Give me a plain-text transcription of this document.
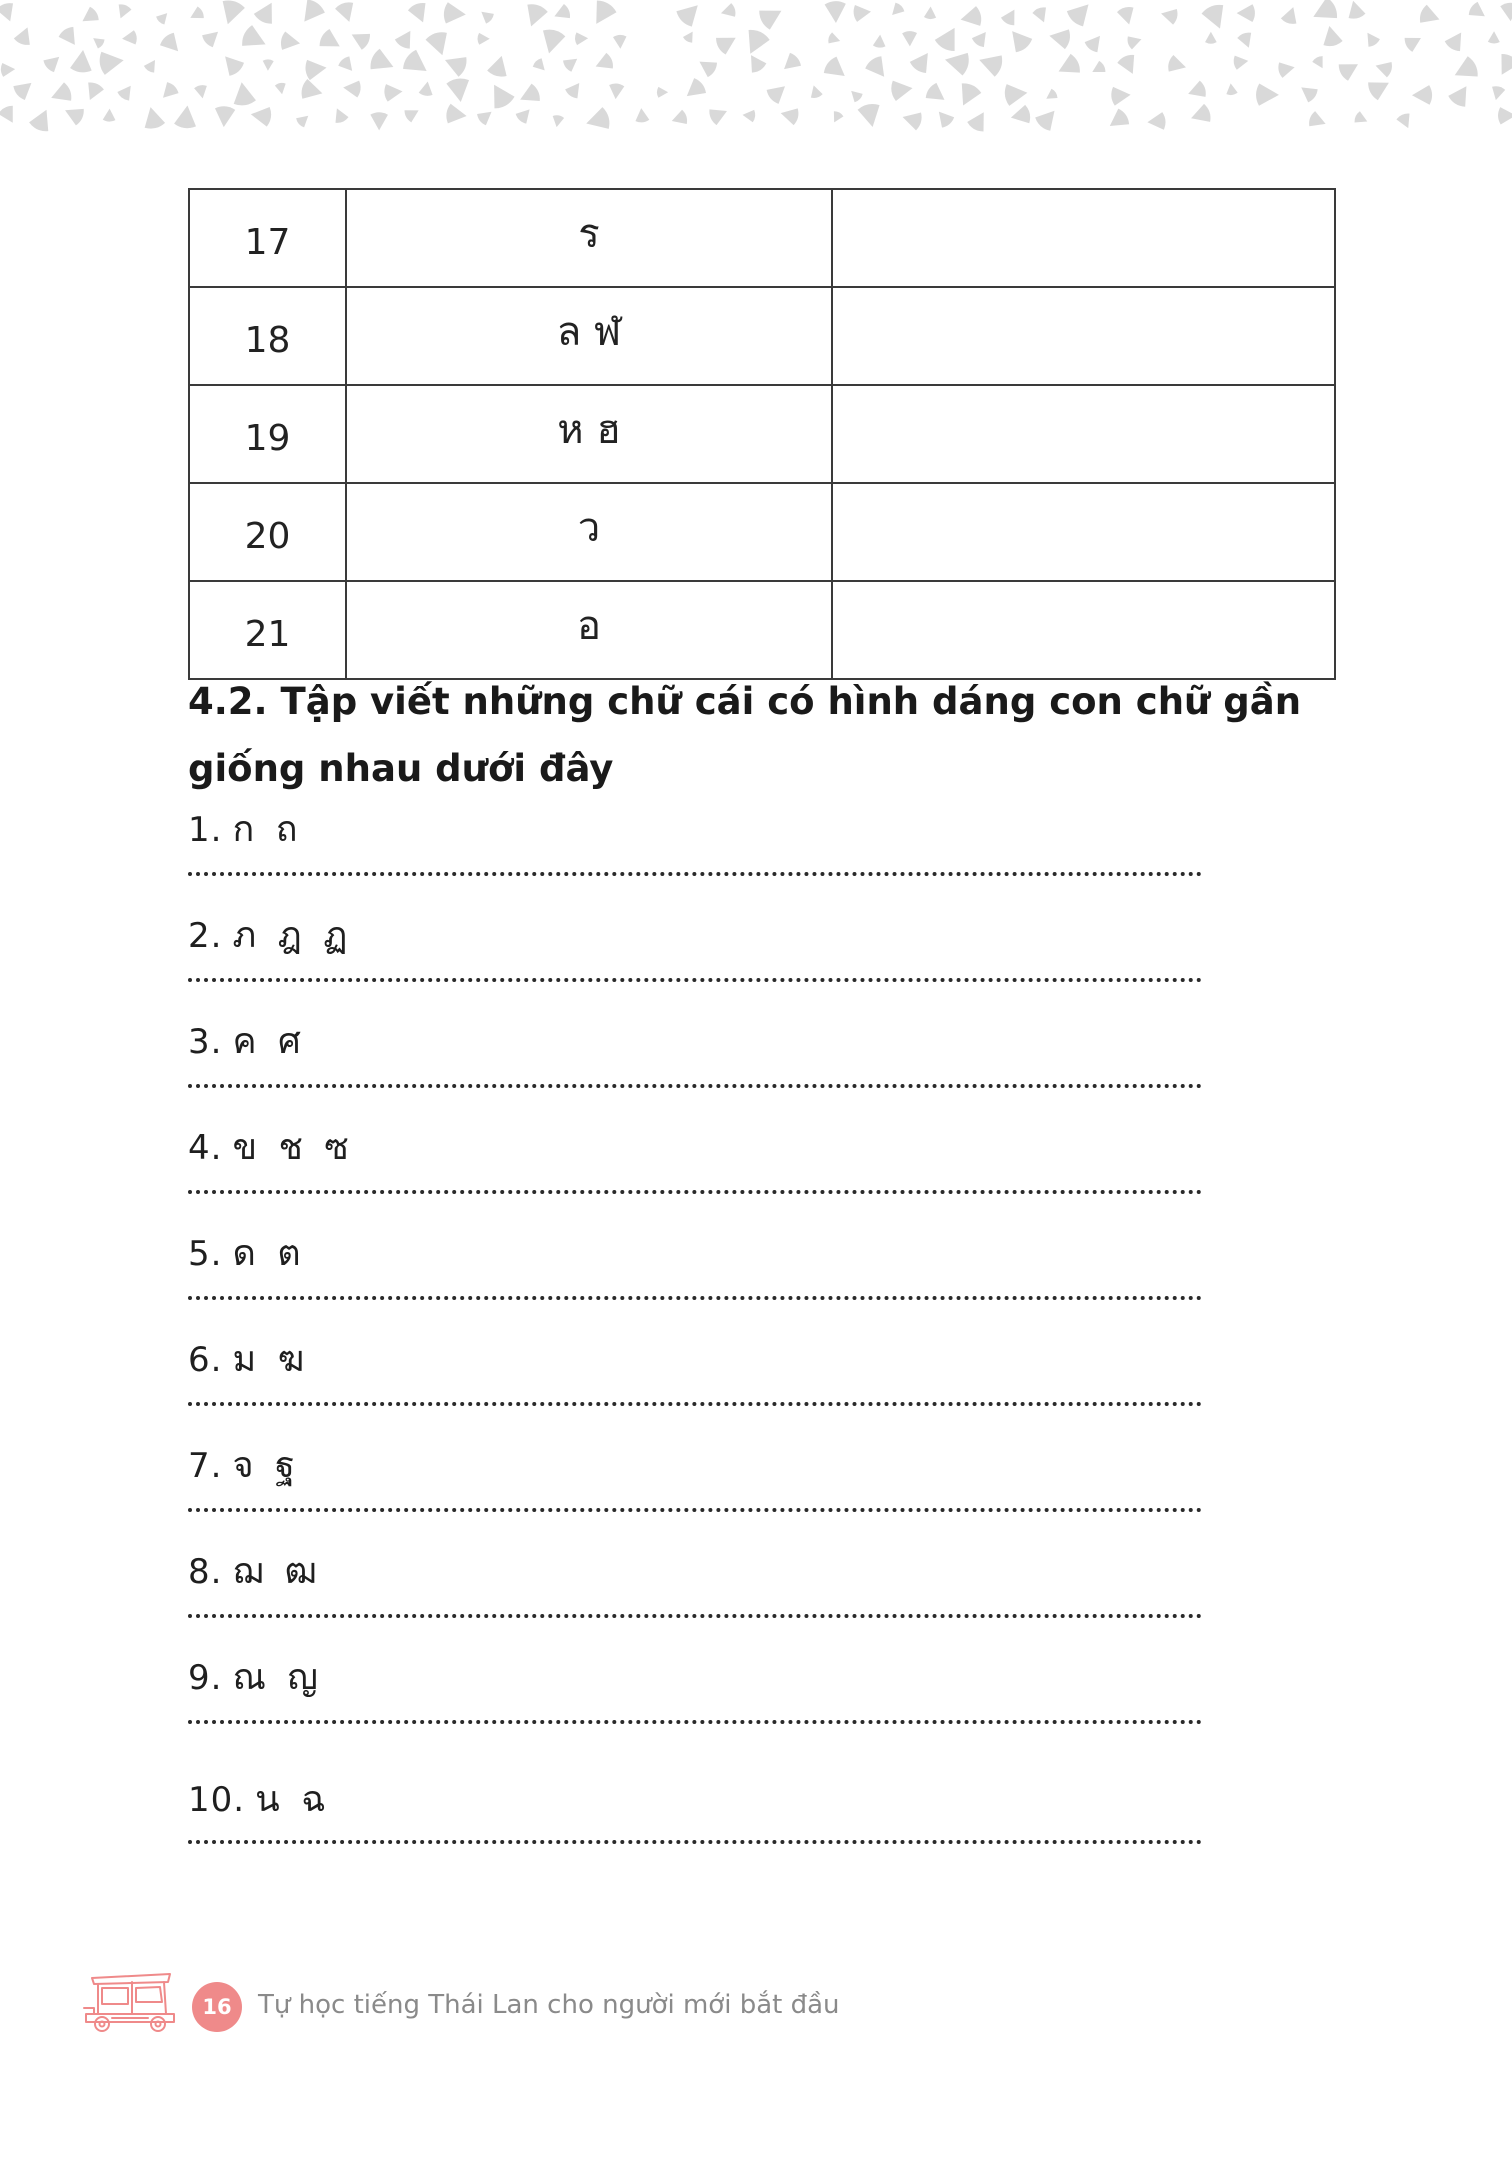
17	ร	
18	ล ฬ	
19	ห ฮ	
20	ว	
21	อ	
4.2. Tập viết những chữ cái có hình dáng con chữ gần giống nhau dưới đây
1. ก ถ
2. ภ ฎ ฏ
3. ค ศ
4. ข ช ซ
5. ด ต
6. ม ฆ
7. จ ฐ
8. ฌ ฒ
9. ณ ญ
10. น ฉ
16	Tự học tiếng Thái Lan cho người mới bắt đầu
